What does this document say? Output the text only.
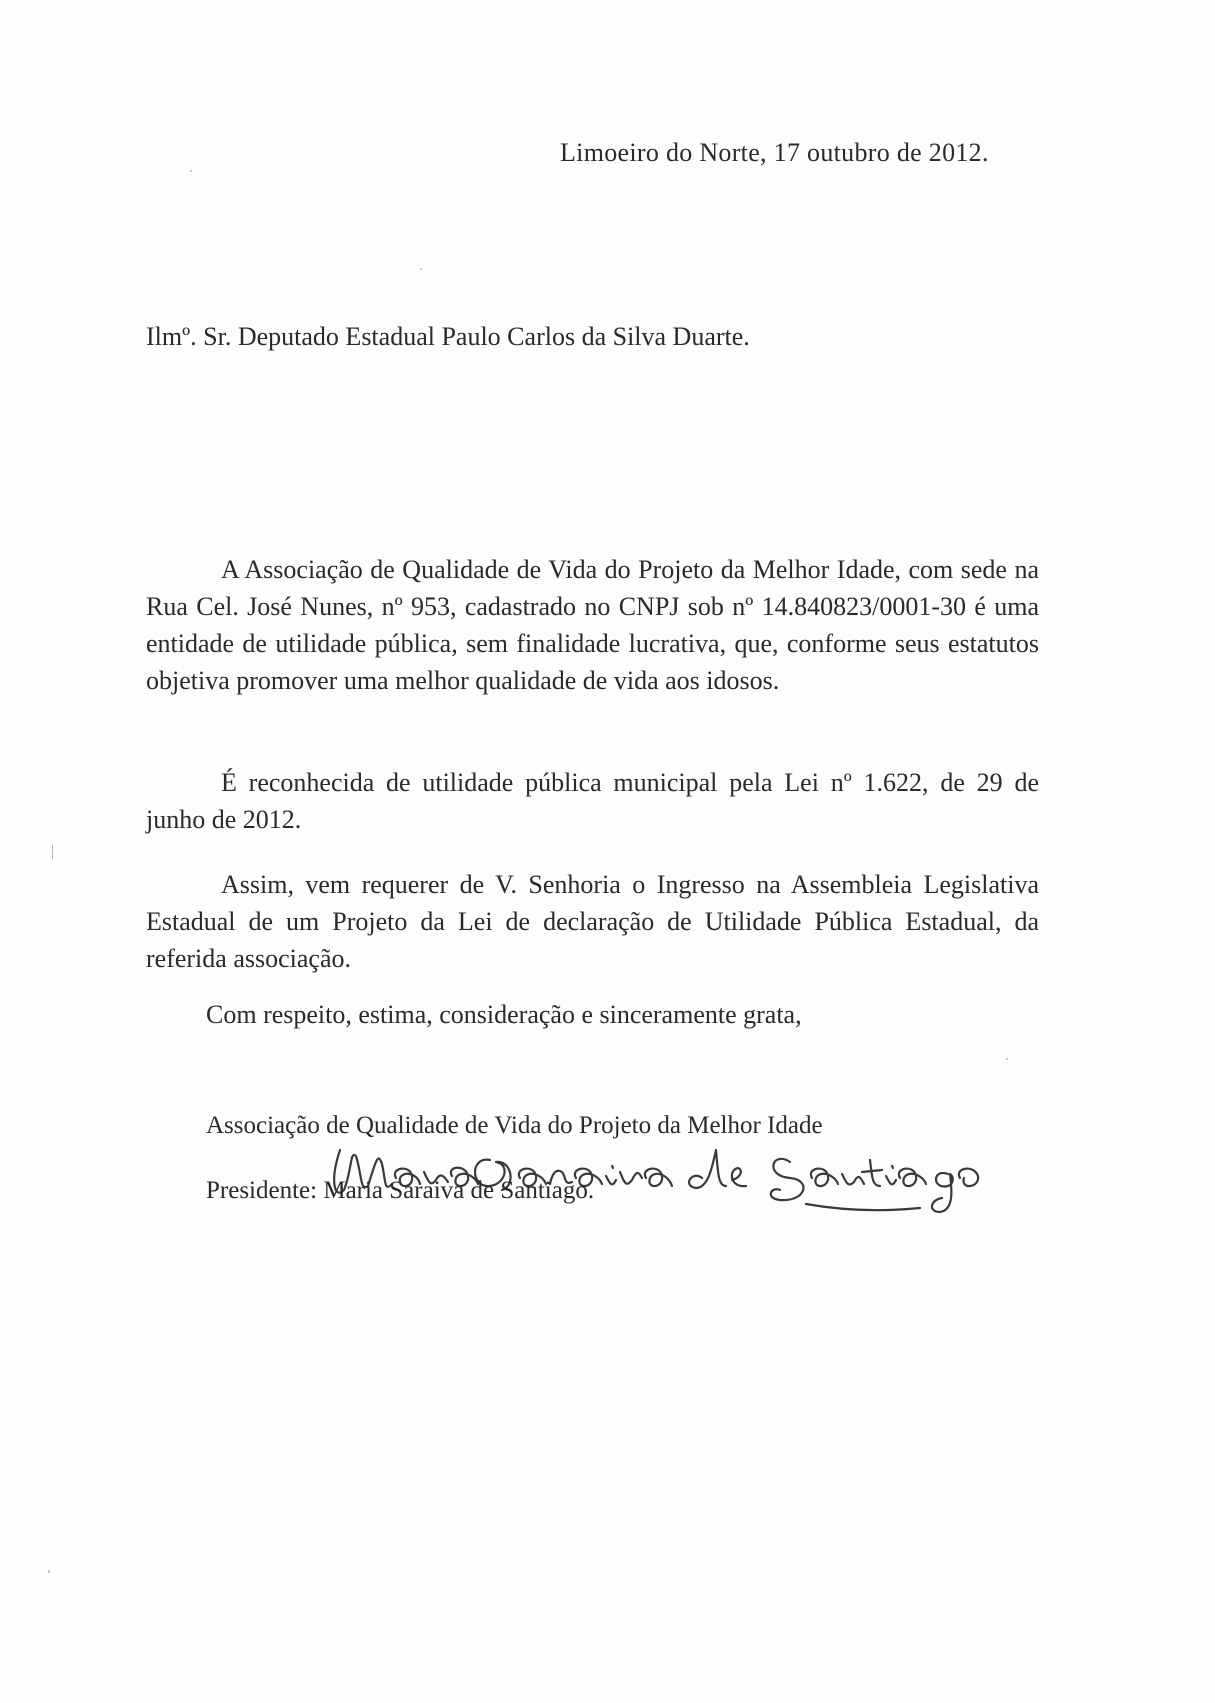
Limoeiro do Norte, 17 outubro de 2012.
Ilmº. Sr. Deputado Estadual Paulo Carlos da Silva Duarte.

A Associação de Qualidade de Vida do Projeto da Melhor Idade, com sede na Rua Cel. José Nunes, nº 953, cadastrado no CNPJ sob nº 14.840823/0001-30 é uma entidade de utilidade pública, sem finalidade lucrativa, que, conforme seus estatutos objetiva promover uma melhor qualidade de vida aos idosos.

É reconhecida de utilidade pública municipal pela Lei nº 1.622, de 29 de junho de 2012.

Assim, vem requerer de V. Senhoria o Ingresso na Assembleia Legislativa Estadual de um Projeto da Lei de declaração de Utilidade Pública Estadual, da referida associação.

Com respeito, estima, consideração e sinceramente grata,
Associação de Qualidade de Vida do Projeto da Melhor Idade
Presidente: Maria Saraiva de Santiago.
